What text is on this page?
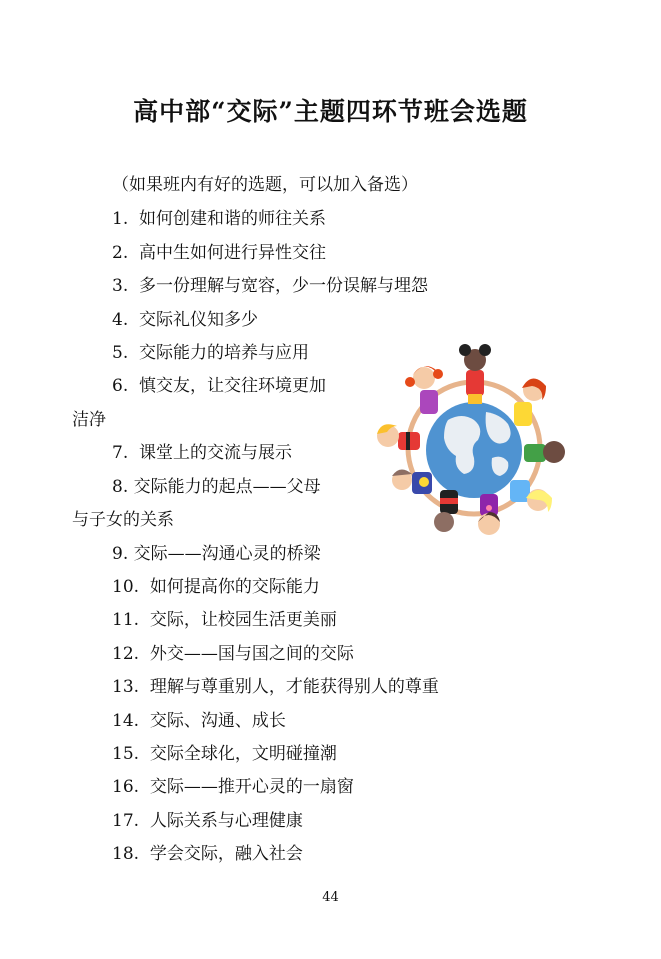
高中部“交际”主题四环节班会选题
（如果班内有好的选题，可以加入备选）
1. 如何创建和谐的师往关系
2. 高中生如何进行异性交往
3. 多一份理解与宽容，少一份误解与埋怨
4. 交际礼仪知多少
5. 交际能力的培养与应用
6. 慎交友，让交往环境更加
洁净
7. 课堂上的交流与展示
8. 交际能力的起点——父母
与子女的关系
9. 交际——沟通心灵的桥梁
10. 如何提高你的交际能力
11. 交际，让校园生活更美丽
12. 外交——国与国之间的交际
13. 理解与尊重别人，才能获得别人的尊重
14. 交际、沟通、成长
15. 交际全球化，文明碰撞潮
16. 交际——推开心灵的一扇窗
17. 人际关系与心理健康
18. 学会交际，融入社会
44
